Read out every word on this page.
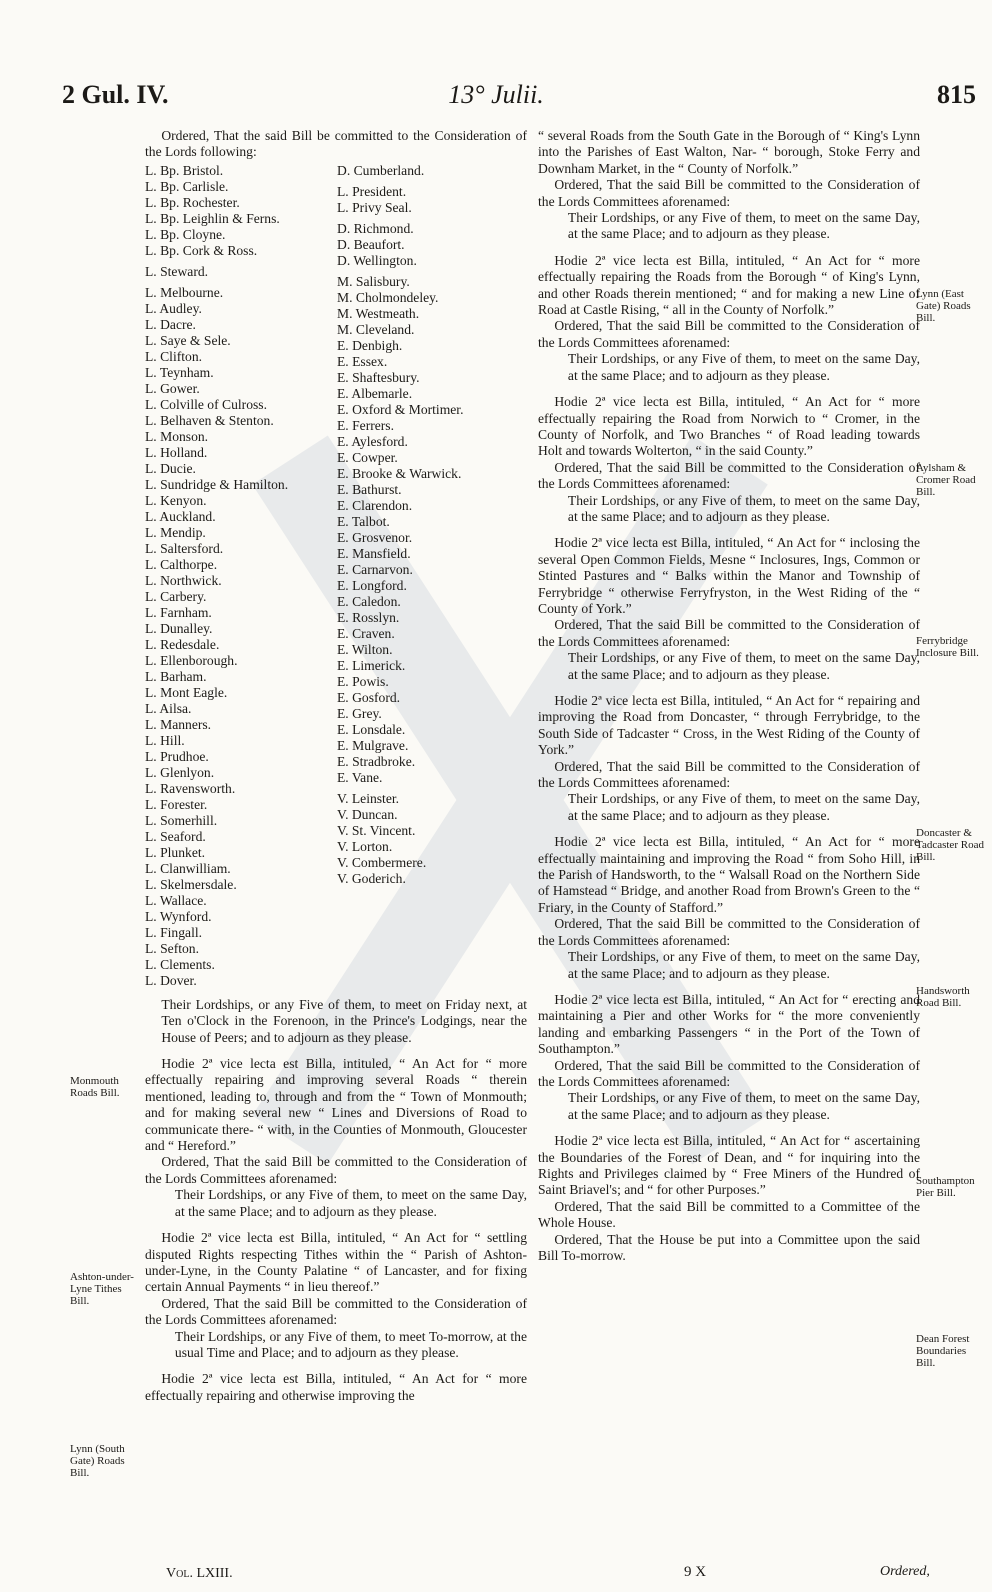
2 Gul. IV.	13° Julii.	815

Ordered, That the said Bill be committed to the Consideration of the Lords following:

L. Bp. Bristol.
L. Bp. Carlisle.
L. Bp. Rochester.
L. Bp. Leighlin & Ferns.
L. Bp. Cloyne.
L. Bp. Cork & Ross.
L. Steward.
L. Melbourne.
L. Audley.
L. Dacre.
L. Saye & Sele.
L. Clifton.
L. Teynham.
L. Gower.
L. Colville of Culross.
L. Belhaven & Stenton.
L. Monson.
L. Holland.
L. Ducie.
L. Sundridge & Hamilton.
L. Kenyon.
L. Auckland.
L. Mendip.
L. Saltersford.
L. Calthorpe.
L. Northwick.
L. Carbery.
L. Farnham.
L. Dunalley.
L. Redesdale.
L. Ellenborough.
L. Barham.
L. Mont Eagle.
L. Ailsa.
L. Manners.
L. Hill.
L. Prudhoe.
L. Glenlyon.
L. Ravensworth.
L. Forester.
L. Somerhill.
L. Seaford.
L. Plunket.
L. Clanwilliam.
L. Skelmersdale.
L. Wallace.
L. Wynford.
L. Fingall.
L. Sefton.
L. Clements.
L. Dover.
D. Cumberland.
L. President.
L. Privy Seal.
D. Richmond.
D. Beaufort.
D. Wellington.
M. Salisbury.
M. Cholmondeley.
M. Westmeath.
M. Cleveland.
E. Denbigh.
E. Essex.
E. Shaftesbury.
E. Albemarle.
E. Oxford & Mortimer.
E. Ferrers.
E. Aylesford.
E. Cowper.
E. Brooke & Warwick.
E. Bathurst.
E. Clarendon.
E. Talbot.
E. Grosvenor.
E. Mansfield.
E. Carnarvon.
E. Longford.
E. Caledon.
E. Rosslyn.
E. Craven.
E. Wilton.
E. Limerick.
E. Powis.
E. Gosford.
E. Grey.
E. Lonsdale.
E. Mulgrave.
E. Stradbroke.
E. Vane.
V. Leinster.
V. Duncan.
V. St. Vincent.
V. Lorton.
V. Combermere.
V. Goderich.

Their Lordships, or any Five of them, to meet on Friday next, at Ten o'Clock in the Forenoon, in the Prince's Lodgings, near the House of Peers; and to adjourn as they please.

Hodie 2ª vice lecta est Billa, intituled, “ An Act for “ more effectually repairing and improving several Roads “ therein mentioned, leading to, through and from the “ Town of Monmouth; and for making several new “ Lines and Diversions of Road to communicate there- “ with, in the Counties of Monmouth, Gloucester and “ Hereford.”

Ordered, That the said Bill be committed to the Consideration of the Lords Committees aforenamed:

Their Lordships, or any Five of them, to meet on the same Day, at the same Place; and to adjourn as they please.

Hodie 2ª vice lecta est Billa, intituled, “ An Act for “ settling disputed Rights respecting Tithes within the “ Parish of Ashton-under-Lyne, in the County Palatine “ of Lancaster, and for fixing certain Annual Payments “ in lieu thereof.”

Ordered, That the said Bill be committed to the Consideration of the Lords Committees aforenamed:

Their Lordships, or any Five of them, to meet To-morrow, at the usual Time and Place; and to adjourn as they please.

Hodie 2ª vice lecta est Billa, intituled, “ An Act for “ more effectually repairing and otherwise improving the

“ several Roads from the South Gate in the Borough of “ King's Lynn into the Parishes of East Walton, Nar- “ borough, Stoke Ferry and Downham Market, in the “ County of Norfolk.”

Ordered, That the said Bill be committed to the Consideration of the Lords Committees aforenamed:

Their Lordships, or any Five of them, to meet on the same Day, at the same Place; and to adjourn as they please.

Hodie 2ª vice lecta est Billa, intituled, “ An Act for “ more effectually repairing the Roads from the Borough “ of King's Lynn, and other Roads therein mentioned; “ and for making a new Line of Road at Castle Rising, “ all in the County of Norfolk.”

Ordered, That the said Bill be committed to the Consideration of the Lords Committees aforenamed:

Their Lordships, or any Five of them, to meet on the same Day, at the same Place; and to adjourn as they please.

Hodie 2ª vice lecta est Billa, intituled, “ An Act for “ more effectually repairing the Road from Norwich to “ Cromer, in the County of Norfolk, and Two Branches “ of Road leading towards Holt and towards Wolterton, “ in the said County.”

Ordered, That the said Bill be committed to the Consideration of the Lords Committees aforenamed:

Their Lordships, or any Five of them, to meet on the same Day, at the same Place; and to adjourn as they please.

Hodie 2ª vice lecta est Billa, intituled, “ An Act for “ inclosing the several Open Common Fields, Mesne “ Inclosures, Ings, Common or Stinted Pastures and “ Balks within the Manor and Township of Ferrybridge “ otherwise Ferryfryston, in the West Riding of the “ County of York.”

Ordered, That the said Bill be committed to the Consideration of the Lords Committees aforenamed:

Their Lordships, or any Five of them, to meet on the same Day, at the same Place; and to adjourn as they please.

Hodie 2ª vice lecta est Billa, intituled, “ An Act for “ repairing and improving the Road from Doncaster, “ through Ferrybridge, to the South Side of Tadcaster “ Cross, in the West Riding of the County of York.”

Ordered, That the said Bill be committed to the Consideration of the Lords Committees aforenamed:

Their Lordships, or any Five of them, to meet on the same Day, at the same Place; and to adjourn as they please.

Hodie 2ª vice lecta est Billa, intituled, “ An Act for “ more effectually maintaining and improving the Road “ from Soho Hill, in the Parish of Handsworth, to the “ Walsall Road on the Northern Side of Hamstead “ Bridge, and another Road from Brown's Green to the “ Friary, in the County of Stafford.”

Ordered, That the said Bill be committed to the Consideration of the Lords Committees aforenamed:

Their Lordships, or any Five of them, to meet on the same Day, at the same Place; and to adjourn as they please.

Hodie 2ª vice lecta est Billa, intituled, “ An Act for “ erecting and maintaining a Pier and other Works for “ the more conveniently landing and embarking Passengers “ in the Port of the Town of Southampton.”

Ordered, That the said Bill be committed to the Consideration of the Lords Committees aforenamed:

Their Lordships, or any Five of them, to meet on the same Day, at the same Place; and to adjourn as they please.

Hodie 2ª vice lecta est Billa, intituled, “ An Act for “ ascertaining the Boundaries of the Forest of Dean, and “ for inquiring into the Rights and Privileges claimed by “ Free Miners of the Hundred of Saint Briavel's; and “ for other Purposes.”

Ordered, That the said Bill be committed to a Committee of the Whole House.

Ordered, That the House be put into a Committee upon the said Bill To-morrow.

Monmouth Roads Bill.
Ashton-under-Lyne Tithes Bill.
Lynn (South Gate) Roads Bill.
Lynn (East Gate) Roads Bill.
Aylsham & Cromer Road Bill.
Ferrybridge Inclosure Bill.
Doncaster & Tadcaster Road Bill.
Handsworth Road Bill.
Southampton Pier Bill.
Dean Forest Boundaries Bill.
Vol. LXIII.	9 X	Ordered,
